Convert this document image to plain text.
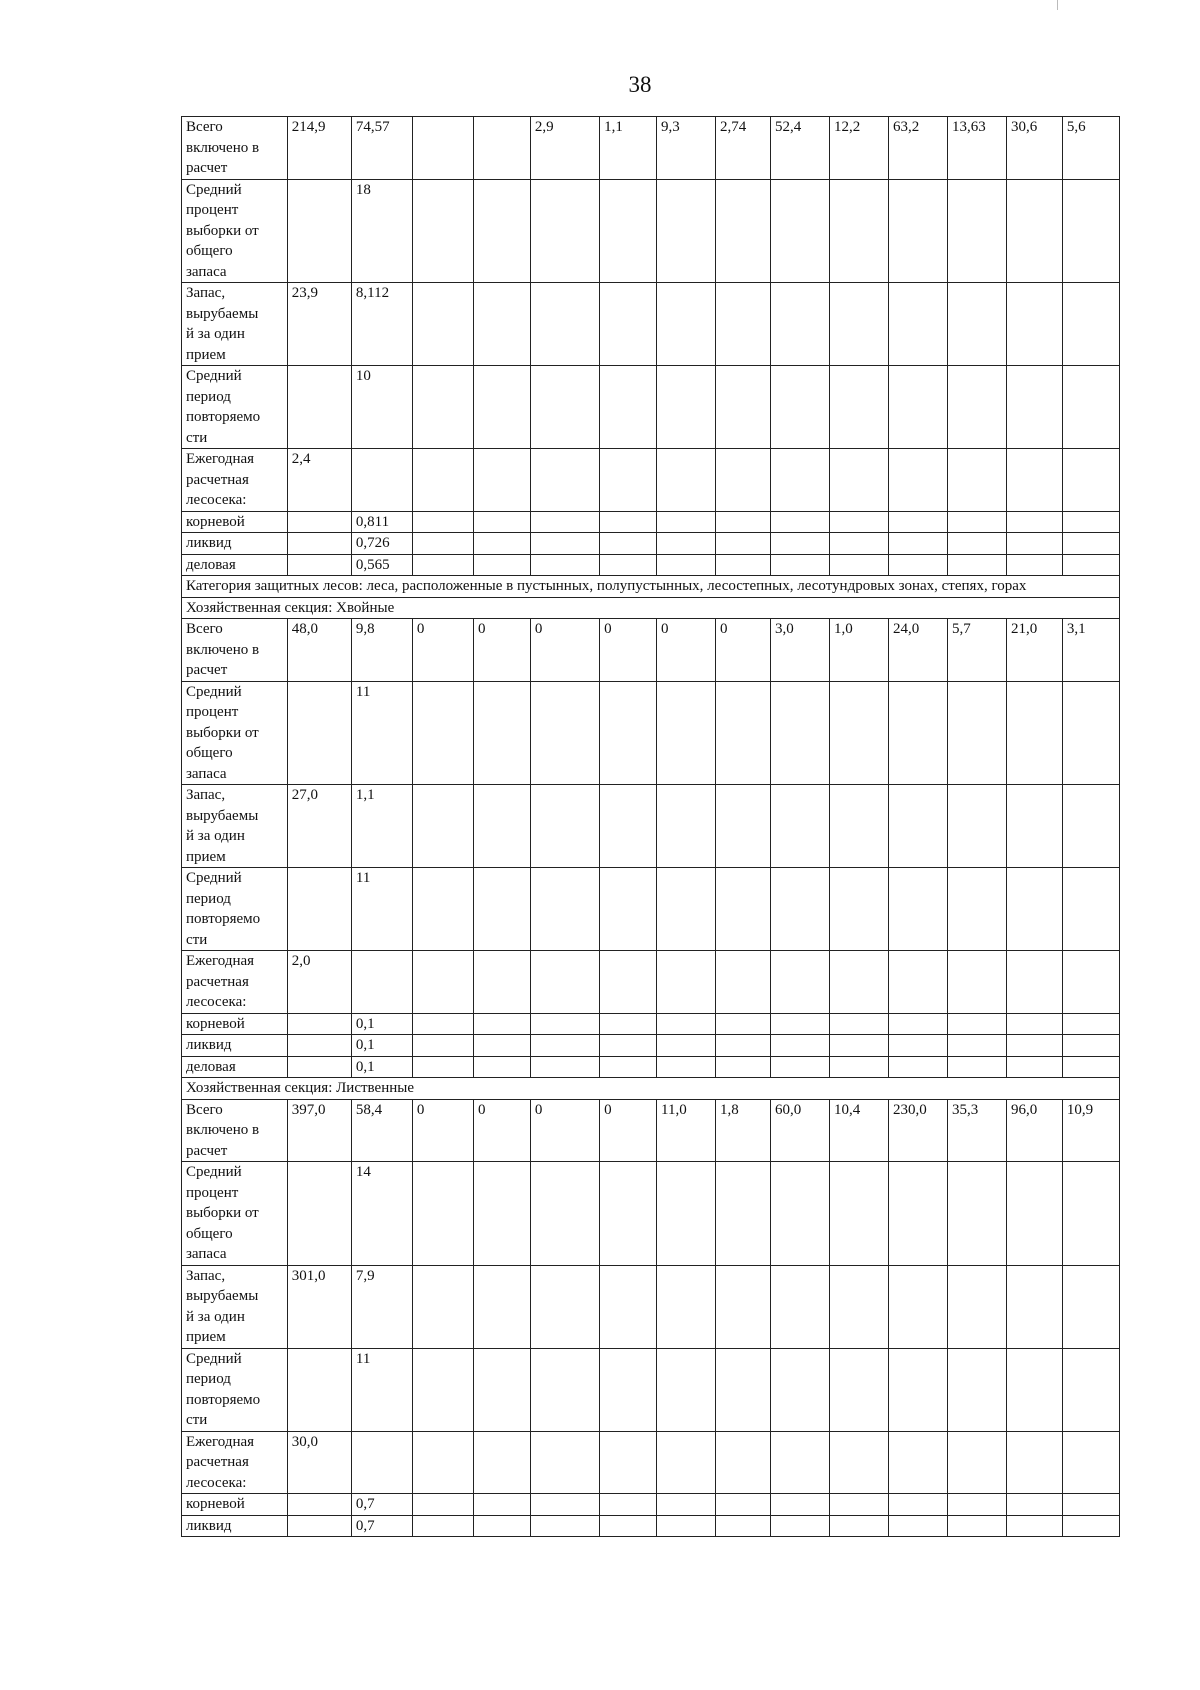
38
Всего
включено в
расчет	214,9	74,57			2,9	1,1	9,3	2,74	52,4	12,2	63,2	13,63	30,6	5,6

Средний
процент
выборки от
общего
запаса		18												

Запас,
вырубаемы
й за один
прием	23,9	8,112												

Средний
период
повторяемо
сти		10												

Ежегодная
расчетная
лесосека:	2,4													

корневой		0,811												

ликвид		0,726												

деловая		0,565												
Категория защитных лесов: леса, расположенные в пустынных, полупустынных, лесостепных, лесотундровых зонах, степях, горах														
Хозяйственная секция: Хвойные														

Всего
включено в
расчет	48,0	9,8	0	0	0	0	0	0	3,0	1,0	24,0	5,7	21,0	3,1

Средний
процент
выборки от
общего
запаса		11												

Запас,
вырубаемы
й за один
прием	27,0	1,1												

Средний
период
повторяемо
сти		11												

Ежегодная
расчетная
лесосека:	2,0													

корневой		0,1												

ликвид		0,1												

деловая		0,1												
Хозяйственная секция: Лиственные														

Всего
включено в
расчет	397,0	58,4	0	0	0	0	11,0	1,8	60,0	10,4	230,0	35,3	96,0	10,9

Средний
процент
выборки от
общего
запаса		14												

Запас,
вырубаемы
й за один
прием	301,0	7,9												

Средний
период
повторяемо
сти		11												

Ежегодная
расчетная
лесосека:	30,0													

корневой		0,7												

ликвид		0,7												
